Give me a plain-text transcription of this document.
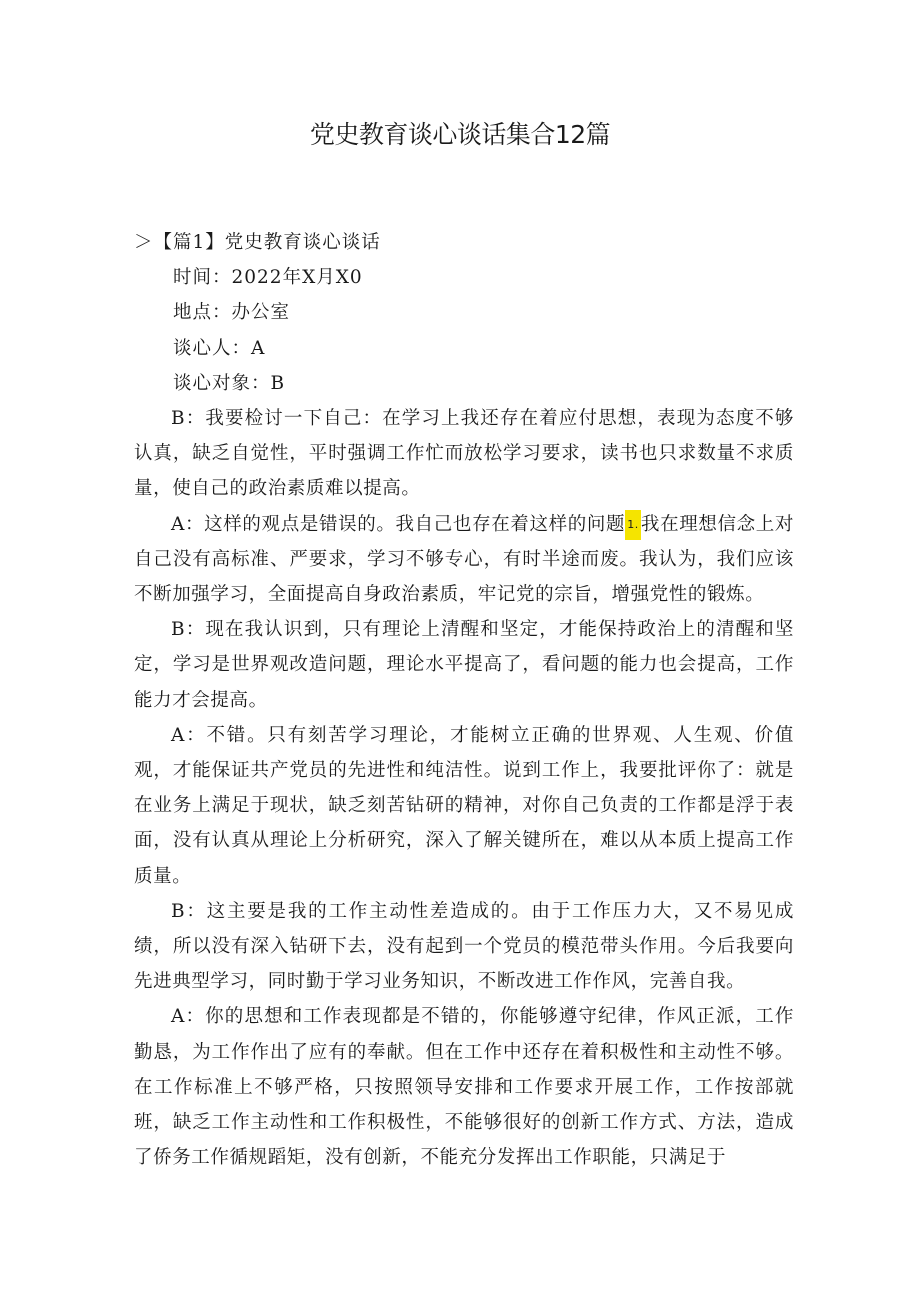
党史教育谈心谈话集合12篇

＞【篇1】党史教育谈心谈话

时间：2022年X月X0

地点：办公室

谈心人：A

谈心对象：B

B：我要检讨一下自己：在学习上我还存在着应付思想，表现为态度不够认真，缺乏自觉性，平时强调工作忙而放松学习要求，读书也只求数量不求质量，使自己的政治素质难以提高。

A：这样的观点是错误的。我自己也存在着这样的问题 1. 我在理想信念上对自己没有高标准、严要求，学习不够专心，有时半途而废。我认为，我们应该不断加强学习，全面提高自身政治素质，牢记党的宗旨，增强党性的锻炼。

B：现在我认识到，只有理论上清醒和坚定，才能保持政治上的清醒和坚定，学习是世界观改造问题，理论水平提高了，看问题的能力也会提高，工作能力才会提高。

A：不错。只有刻苦学习理论，才能树立正确的世界观、人生观、价值观，才能保证共产党员的先进性和纯洁性。说到工作上，我要批评你了：就是在业务上满足于现状，缺乏刻苦钻研的精神，对你自己负责的工作都是浮于表面，没有认真从理论上分析研究，深入了解关键所在，难以从本质上提高工作质量。

B：这主要是我的工作主动性差造成的。由于工作压力大，又不易见成绩，所以没有深入钻研下去，没有起到一个党员的模范带头作用。今后我要向先进典型学习，同时勤于学习业务知识，不断改进工作作风，完善自我。

A：你的思想和工作表现都是不错的，你能够遵守纪律，作风正派，工作勤恳，为工作作出了应有的奉献。但在工作中还存在着积极性和主动性不够。在工作标准上不够严格，只按照领导安排和工作要求开展工作，工作按部就班，缺乏工作主动性和工作积极性，不能够很好的创新工作方式、方法，造成了侨务工作循规蹈矩，没有创新，不能充分发挥出工作职能，只满足于
